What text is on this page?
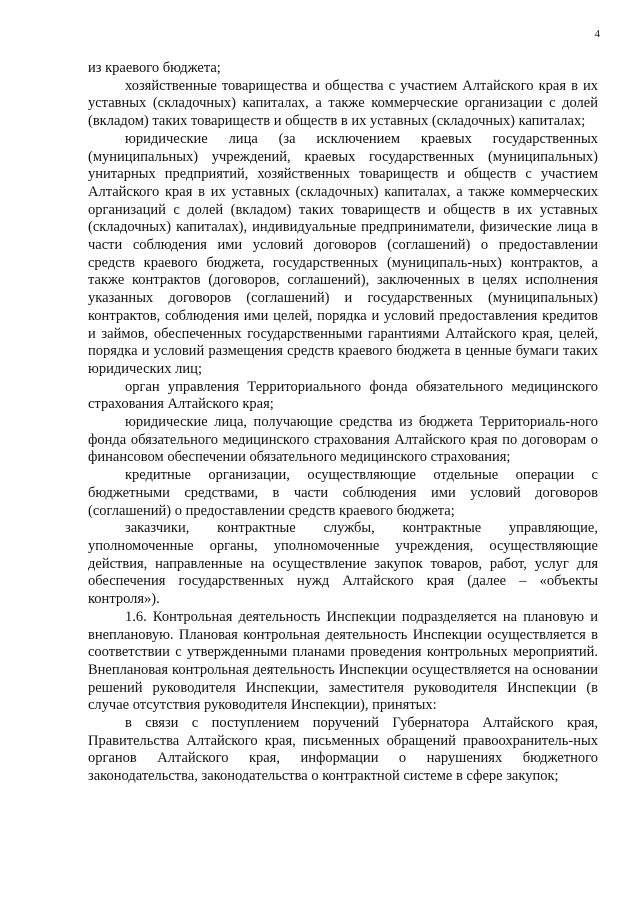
4

из краевого бюджета;

хозяйственные товарищества и общества с участием Алтайского края в их уставных (складочных) капиталах, а также коммерческие организации с долей (вкладом) таких товариществ и обществ в их уставных (складочных) капиталах;

юридические лица (за исключением краевых государственных (муниципальных) учреждений, краевых государственных (муниципальных) унитарных предприятий, хозяйственных товариществ и обществ с участием Алтайского края в их уставных (складочных) капиталах, а также коммерческих организаций с долей (вкладом) таких товариществ и обществ в их уставных (складочных) капиталах), индивидуальные предприниматели, физические лица в части соблюдения ими условий договоров (соглашений) о предоставлении средств краевого бюджета, государственных (муниципаль-ных) контрактов, а также контрактов (договоров, соглашений), заключенных в целях исполнения указанных договоров (соглашений) и государственных (муниципальных) контрактов, соблюдения ими целей, порядка и условий предоставления кредитов и займов, обеспеченных государственными гарантиями Алтайского края, целей, порядка и условий размещения средств краевого бюджета в ценные бумаги таких юридических лиц;

орган управления Территориального фонда обязательного медицинского страхования Алтайского края;

юридические лица, получающие средства из бюджета Территориаль-ного фонда обязательного медицинского страхования Алтайского края по договорам о финансовом обеспечении обязательного медицинского страхования;

кредитные организации, осуществляющие отдельные операции с бюджетными средствами, в части соблюдения ими условий договоров (соглашений) о предоставлении средств краевого бюджета;

заказчики, контрактные службы, контрактные управляющие, уполномоченные органы, уполномоченные учреждения, осуществляющие действия, направленные на осуществление закупок товаров, работ, услуг для обеспечения государственных нужд Алтайского края (далее – «объекты контроля»).

1.6. Контрольная деятельность Инспекции подразделяется на плановую и внеплановую. Плановая контрольная деятельность Инспекции осуществляется в соответствии с утвержденными планами проведения контрольных мероприятий. Внеплановая контрольная деятельность Инспекции осуществляется на основании решений руководителя Инспекции, заместителя руководителя Инспекции (в случае отсутствия руководителя Инспекции), принятых:

в связи с поступлением поручений Губернатора Алтайского края, Правительства Алтайского края, письменных обращений правоохранитель-ных органов Алтайского края, информации о нарушениях бюджетного законодательства, законодательства о контрактной системе в сфере закупок;
